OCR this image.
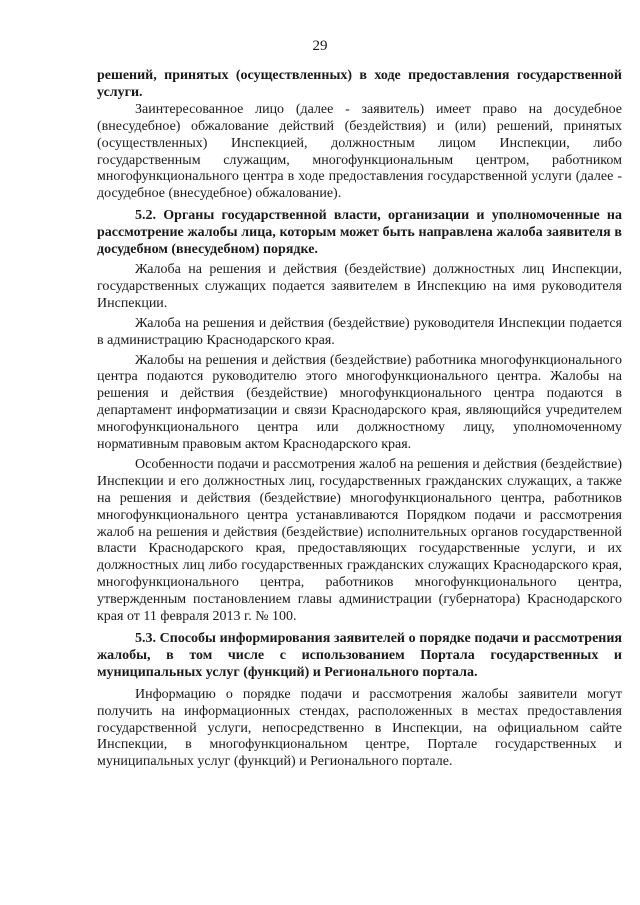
29

решений, принятых (осуществленных) в ходе предоставления государственной услуги.

Заинтересованное лицо (далее - заявитель) имеет право на досудебное (внесудебное) обжалование действий (бездействия) и (или) решений, принятых (осуществленных) Инспекцией, должностным лицом Инспекции, либо государственным служащим, многофункциональным центром, работником многофункционального центра в ходе предоставления государственной услуги (далее - досудебное (внесудебное) обжалование).

5.2. Органы государственной власти, организации и уполномоченные на рассмотрение жалобы лица, которым может быть направлена жалоба заявителя в досудебном (внесудебном) порядке.

Жалоба на решения и действия (бездействие) должностных лиц Инспекции, государственных служащих подается заявителем в Инспекцию на имя руководителя Инспекции.

Жалоба на решения и действия (бездействие) руководителя Инспекции подается в администрацию Краснодарского края.

Жалобы на решения и действия (бездействие) работника многофункционального центра подаются руководителю этого многофункционального центра. Жалобы на решения и действия (бездействие) многофункционального центра подаются в департамент информатизации и связи Краснодарского края, являющийся учредителем многофункционального центра или должностному лицу, уполномоченному нормативным правовым актом Краснодарского края.

Особенности подачи и рассмотрения жалоб на решения и действия (бездействие) Инспекции и его должностных лиц, государственных гражданских служащих, а также на решения и действия (бездействие) многофункционального центра, работников многофункционального центра устанавливаются Порядком подачи и рассмотрения жалоб на решения и действия (бездействие) исполнительных органов государственной власти Краснодарского края, предоставляющих государственные услуги, и их должностных лиц либо государственных гражданских служащих Краснодарского края, многофункционального центра, работников многофункционального центра, утвержденным постановлением главы администрации (губернатора) Краснодарского края от 11 февраля 2013 г. № 100.

5.3. Способы информирования заявителей о порядке подачи и рассмотрения жалобы, в том числе с использованием Портала государственных и муниципальных услуг (функций) и Регионального портала.

Информацию о порядке подачи и рассмотрения жалобы заявители могут получить на информационных стендах, расположенных в местах предоставления государственной услуги, непосредственно в Инспекции, на официальном сайте Инспекции, в многофункциональном центре, Портале государственных и муниципальных услуг (функций) и Регионального портале.
